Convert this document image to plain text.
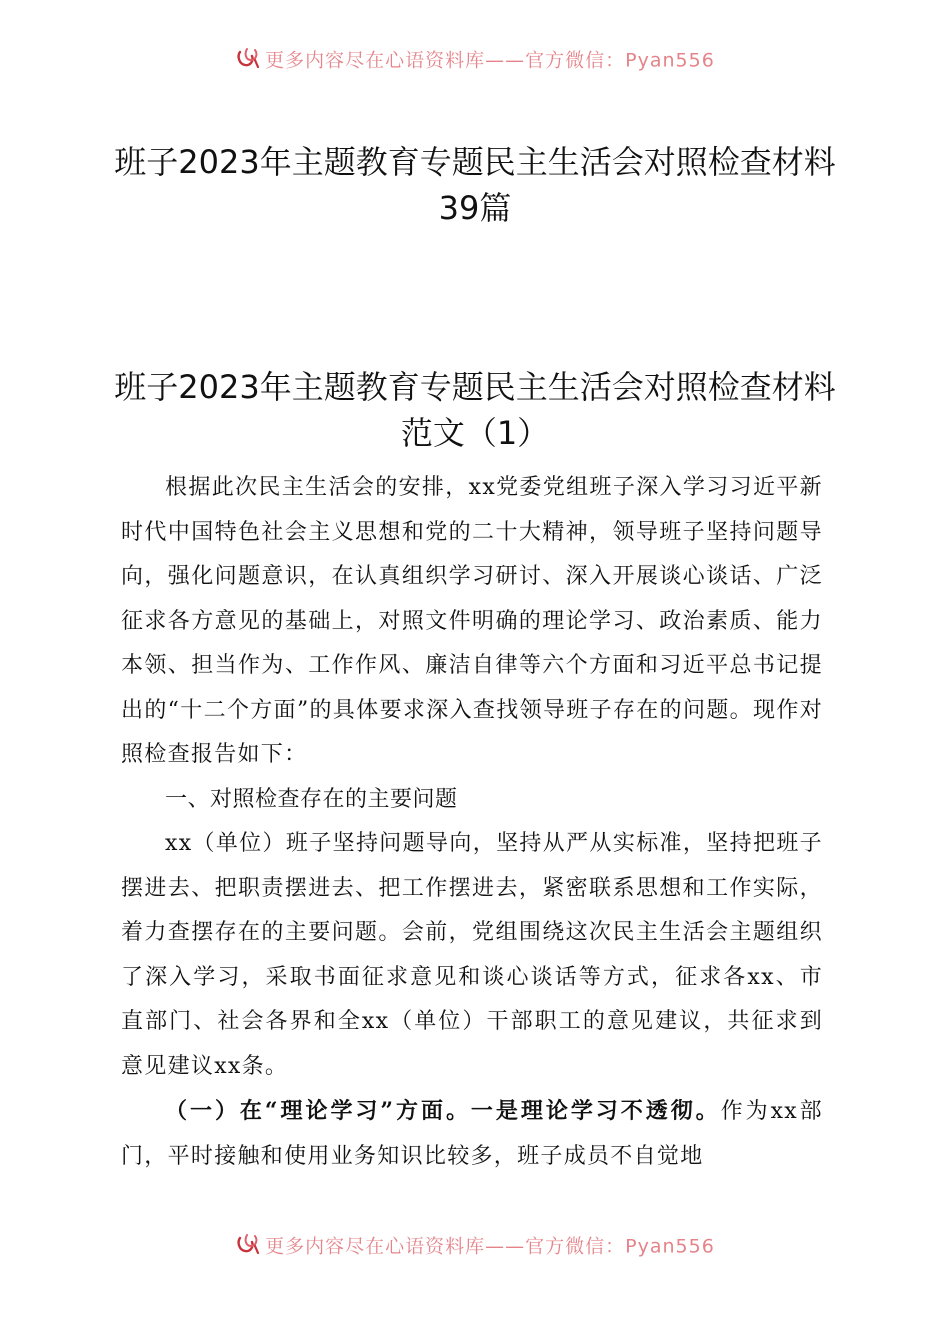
更多内容尽在心语资料库——官方微信：Pyan556
班子2023年主题教育专题民主生活会对照检查材料39篇
班子2023年主题教育专题民主生活会对照检查材料范文（1）

根据此次民主生活会的安排，xx党委党组班子深入学习习近平新时代中国特色社会主义思想和党的二十大精神，领导班子坚持问题导向，强化问题意识，在认真组织学习研讨、深入开展谈心谈话、广泛征求各方意见的基础上，对照文件明确的理论学习、政治素质、能力本领、担当作为、工作作风、廉洁自律等六个方面和习近平总书记提出的“十二个方面”的具体要求深入查找领导班子存在的问题。现作对照检查报告如下：

一、对照检查存在的主要问题

xx（单位）班子坚持问题导向，坚持从严从实标准，坚持把班子摆进去、把职责摆进去、把工作摆进去，紧密联系思想和工作实际，着力查摆存在的主要问题。会前，党组围绕这次民主生活会主题组织了深入学习，采取书面征求意见和谈心谈话等方式，征求各xx、市直部门、社会各界和全xx（单位）干部职工的意见建议，共征求到意见建议xx条。

（一）在“理论学习”方面。一是理论学习不透彻。作为xx部门，平时接触和使用业务知识比较多，班子成员不自觉地

更多内容尽在心语资料库——官方微信：Pyan556
